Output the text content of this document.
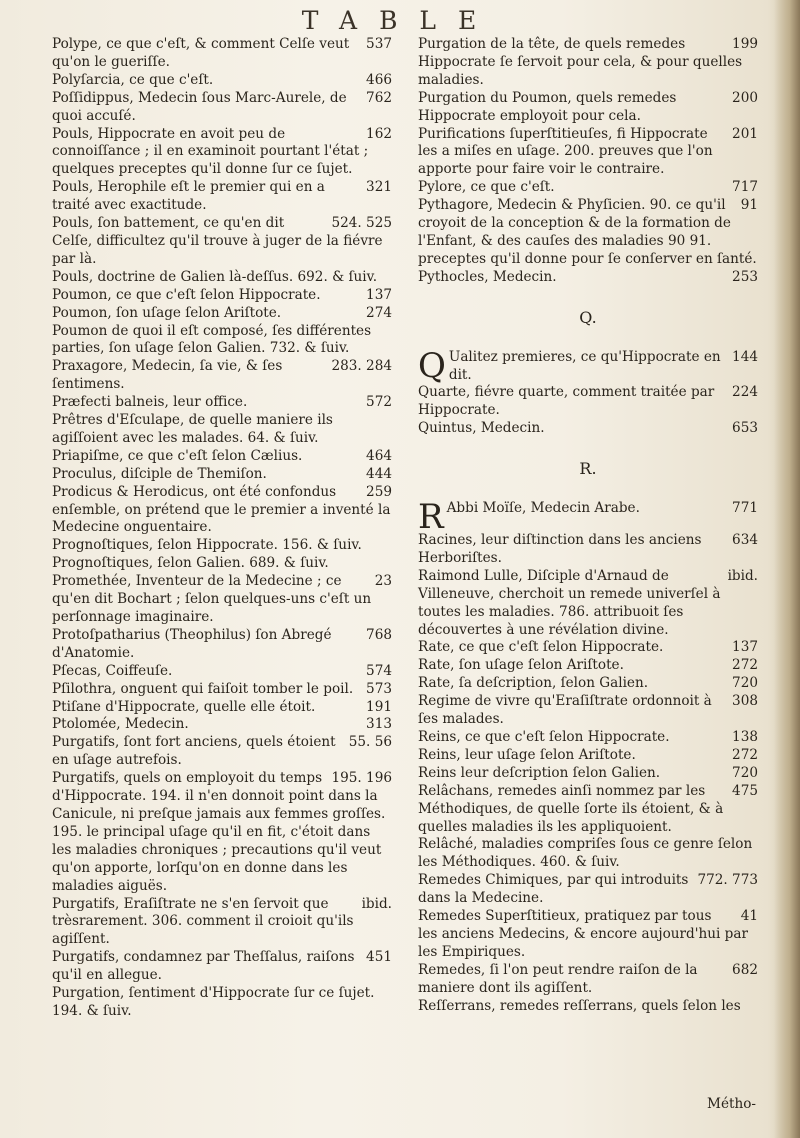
TABLE

537
Polype, ce que c'eſt, & comment Celſe veut qu'on le gueriſſe.

466
Polyſarcia, ce que c'eſt.

762
Poſſidippus, Medecin ſous Marc-Aurele, de quoi accuſé.

162
Pouls, Hippocrate en avoit peu de connoiſſance ; il en examinoit pourtant l'état ; quelques preceptes qu'il donne ſur ce ſujet.

321
Pouls, Herophile eſt le premier qui en a traité avec exactitude.

524. 525
Pouls, ſon battement, ce qu'en dit Celſe, difficultez qu'il trouve à juger de la fiévre par là.

Pouls, doctrine de Galien là-deſſus. 692. & ſuiv.

137
Poumon, ce que c'eſt ſelon Hippocrate.

274
Poumon, ſon uſage ſelon Ariſtote.

Poumon de quoi il eſt composé, ſes différentes parties, ſon uſage ſelon Galien. 732. & ſuiv.

283. 284
Praxagore, Medecin, ſa vie, & ſes ſentimens.

572
Præfecti balneis, leur office.

Prêtres d'Eſculape, de quelle maniere ils agiſſoient avec les malades. 64. & ſuiv.

464
Priapiſme, ce que c'eſt ſelon Cælius.

444
Proculus, diſciple de Themiſon.

259
Prodicus & Herodicus, ont été confondus enſemble, on prétend que le premier a inventé la Medecine onguentaire.

Prognoſtiques, ſelon Hippocrate. 156. & ſuiv.

Prognoſtiques, ſelon Galien. 689. & ſuiv.

23
Promethée, Inventeur de la Medecine ; ce qu'en dit Bochart ; ſelon quelques-uns c'eſt un perſonnage imaginaire.

768
Protoſpatharius (Theophilus) ſon Abregé d'Anatomie.

574
Pſecas, Coiffeuſe.

573
Pſilothra, onguent qui faiſoit tomber le poil.

191
Ptiſane d'Hippocrate, quelle elle étoit.

313
Ptolomée, Medecin.

55. 56
Purgatifs, ſont fort anciens, quels étoient en uſage autrefois.

195. 196
Purgatifs, quels on employoit du temps d'Hippocrate. 194. il n'en donnoit point dans la Canicule, ni preſque jamais aux femmes groſſes. 195. le principal uſage qu'il en fit, c'étoit dans les maladies chroniques ; precautions qu'il veut qu'on apporte, lorſqu'on en donne dans les maladies aiguës.

ibid.
Purgatifs, Eraſiſtrate ne s'en ſervoit que trèsrarement. 306. comment il croioit qu'ils agiſſent.

451
Purgatifs, condamnez par Theſſalus, raiſons qu'il en allegue.

Purgation, ſentiment d'Hippocrate ſur ce ſujet. 194. & ſuiv.

199
Purgation de la tête, de quels remedes Hippocrate ſe ſervoit pour cela, & pour quelles maladies.

200
Purgation du Poumon, quels remedes Hippocrate employoit pour cela.

201
Purifications ſuperſtitieuſes, fi Hippocrate les a miſes en uſage. 200. preuves que l'on apporte pour faire voir le contraire.

717
Pylore, ce que c'eſt.

91
Pythagore, Medecin & Phyſicien. 90. ce qu'il croyoit de la conception & de la formation de l'Enfant, & des cauſes des maladies 90 91. preceptes qu'il donne pour ſe conſerver en ſanté.

253
Pythocles, Medecin.

Q.

144
Q Ualitez premieres, ce qu'Hippocrate en dit.

224
Quarte, fiévre quarte, comment traitée par Hippocrate.

653
Quintus, Medecin.

R.

771
R Abbi Moïſe, Medecin Arabe.

634
Racines, leur diſtinction dans les anciens Herboriſtes.

ibid.
Raimond Lulle, Diſciple d'Arnaud de Villeneuve, cherchoit un remede univerſel à toutes les maladies. 786. attribuoit ſes découvertes à une révélation divine.

137
Rate, ce que c'eſt ſelon Hippocrate.

272
Rate, ſon uſage ſelon Ariſtote.

720
Rate, ſa deſcription, ſelon Galien.

308
Regime de vivre qu'Eraſiſtrate ordonnoit à ſes malades.

138
Reins, ce que c'eſt ſelon Hippocrate.

272
Reins, leur uſage ſelon Ariſtote.

720
Reins leur deſcription ſelon Galien.

475
Relâchans, remedes ainſi nommez par les Méthodiques, de quelle ſorte ils étoient, & à quelles maladies ils les appliquoient.

Relâché, maladies compriſes ſous ce genre ſelon les Méthodiques. 460. & ſuiv.

772. 773
Remedes Chimiques, par qui introduits dans la Medecine.

41
Remedes Superſtitieux, pratiquez par tous les anciens Medecins, & encore aujourd'hui par les Empiriques.

682
Remedes, ſi l'on peut rendre raiſon de la maniere dont ils agiſſent.

Reſſerrans, remedes reſſerrans, quels ſelon les

Métho-
